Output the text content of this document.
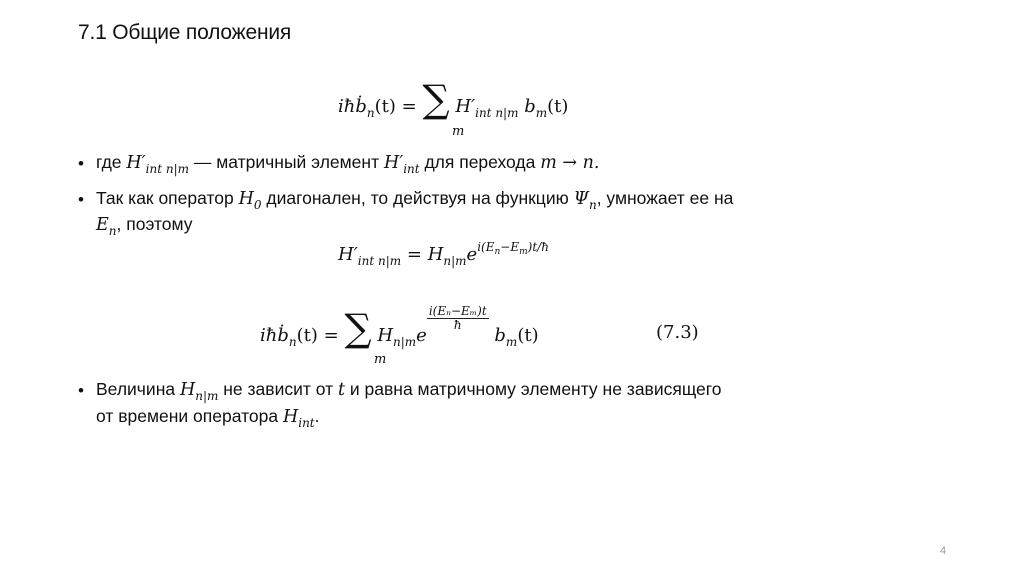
7.1 Общие положения
iħḃ$_n$(t) = ∑ $H'_{int n|m}$ $b_m(t)$
m
• где $H'_{int n|m}$ — матричный элемент $H'_{int}$ для перехода m → n.
• Так как оператор $H_0$ диагонален, то действуя на функцию $\Psi_n$, умножает ее на
$E_n$, поэтому
$H'_{int n|m} = H_{n|m}e^{i(En-Em)t/ħ}$
iħḃ$_n$(t) = ∑ $H_{n|m}e$
$\frac{\text{i(Eₙ−Eₘ)t}}{ħ}$
$b_m(t)$
m
(7.3)
• Величина $H_{n|m}$ не зависит от t и равна матричному элементу не зависящего
от времени оператора $H_{int}$.
4
